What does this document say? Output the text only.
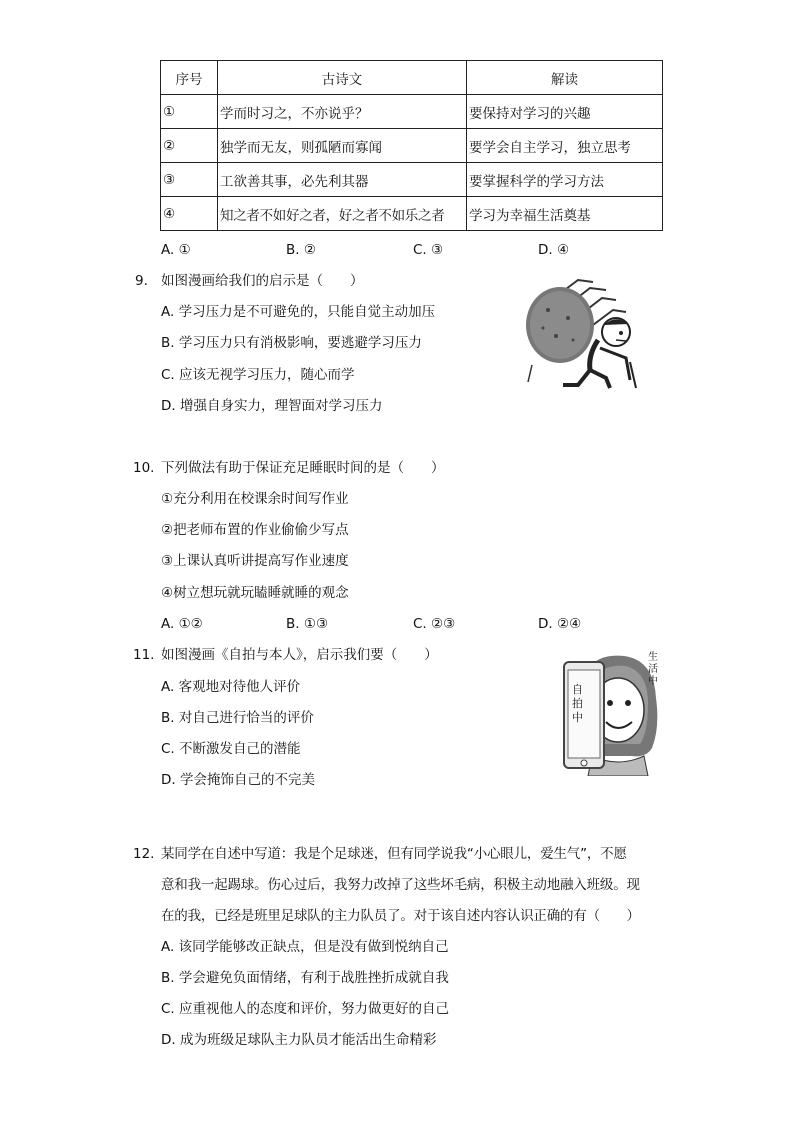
序号	古诗文	解读
①	学而时习之，不亦说乎？	要保持对学习的兴趣
②	独学而无友，则孤陋而寡闻	要学会自主学习，独立思考
③	工欲善其事，必先利其器	要掌握科学的学习方法
④	知之者不如好之者，好之者不如乐之者	学习为幸福生活奠基
A. ①	B. ②	C. ③	D. ④
9. 如图漫画给我们的启示是（　　）
A. 学习压力是不可避免的，只能自觉主动加压
B. 学习压力只有消极影响，要逃避学习压力
C. 应该无视学习压力，随心而学
D. 增强自身实力，理智面对学习压力
10. 下列做法有助于保证充足睡眠时间的是（　　）
①充分利用在校课余时间写作业
②把老师布置的作业偷偷少写点
③上课认真听讲提高写作业速度
④树立想玩就玩瞌睡就睡的观念
A. ①②	B. ①③	C. ②③	D. ②④
11. 如图漫画《自拍与本人》，启示我们要（　　）
A. 客观地对待他人评价
B. 对自己进行恰当的评价
C. 不断激发自己的潜能
D. 学会掩饰自己的不完美
自
拍
中
生
活
中
12. 某同学在自述中写道：我是个足球迷，但有同学说我“小心眼儿，爱生气”，不愿
意和我一起踢球。伤心过后，我努力改掉了这些坏毛病，积极主动地融入班级。现
在的我，已经是班里足球队的主力队员了。对于该自述内容认识正确的有（　　）
A. 该同学能够改正缺点，但是没有做到悦纳自己
B. 学会避免负面情绪，有利于战胜挫折成就自我
C. 应重视他人的态度和评价，努力做更好的自己
D. 成为班级足球队主力队员才能活出生命精彩
